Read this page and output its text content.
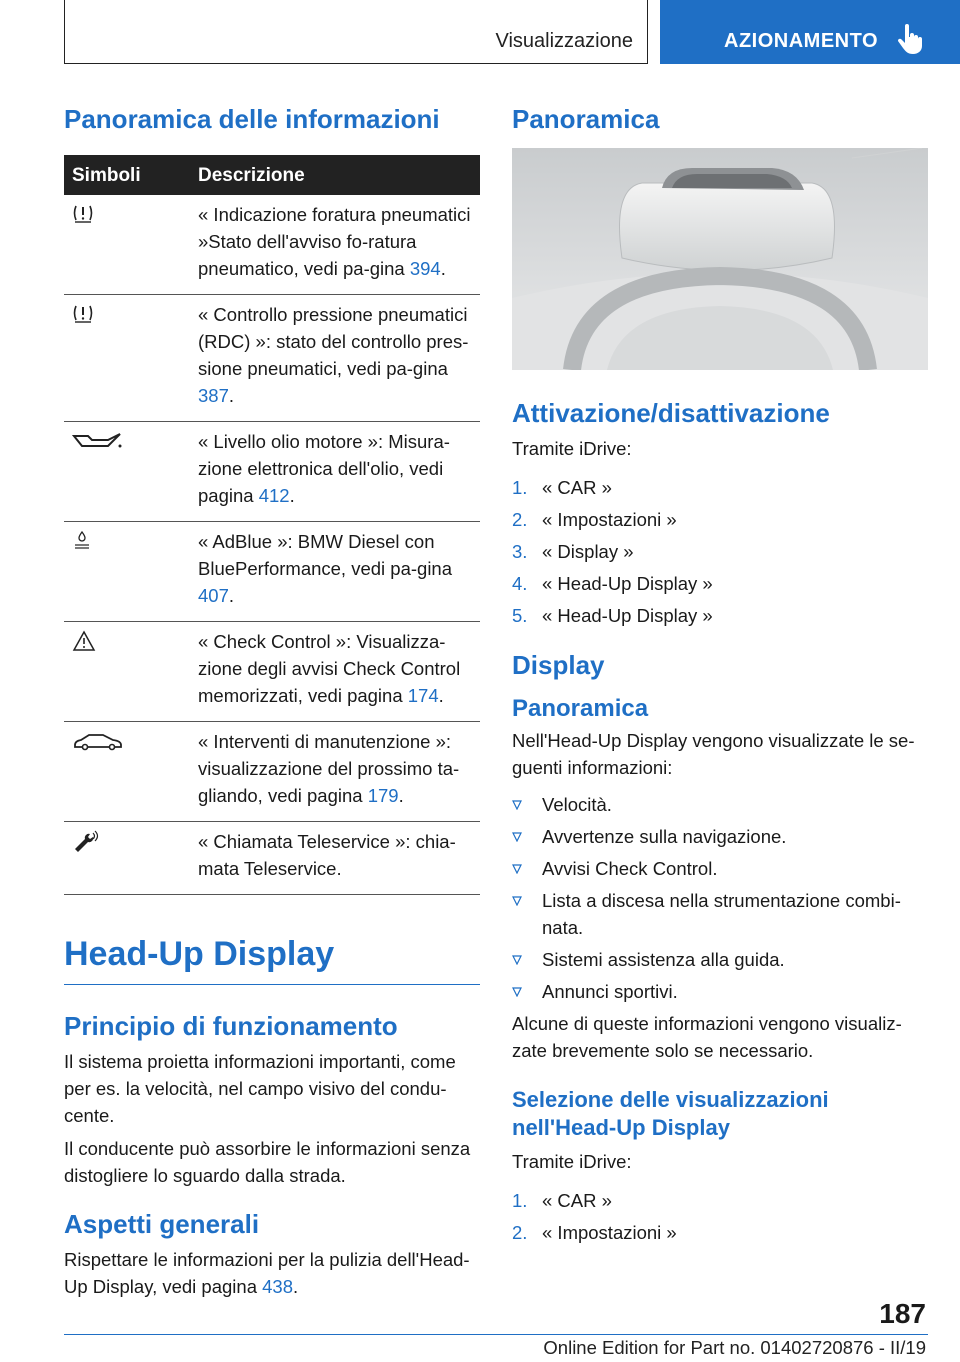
Visualizzazione	AZIONAMENTO
Panoramica delle informazioni
Simboli	Descrizione
	« Indicazione foratura pneumatici »Stato dell'avviso fo-ratura pneumatico, vedi pa-gina 394.
	« Controllo pressione pneumatici (RDC) »: stato del controllo pres-sione pneumatici, vedi pa-gina 387.
	« Livello olio motore »: Misura-zione elettronica dell'olio, vedi pagina 412.
	« AdBlue »: BMW Diesel con BluePerformance, vedi pa-gina 407.
	« Check Control »: Visualizza-zione degli avvisi Check Control memorizzati, vedi pagina 174.
	« Interventi di manutenzione »: visualizzazione del prossimo ta-gliando, vedi pagina 179.
	« Chiamata Teleservice »: chia-mata Teleservice.
Head-Up Display
Principio di funzionamento

Il sistema proietta informazioni importanti, come per es. la velocità, nel campo visivo del condu-cente.

Il conducente può assorbire le informazioni senza distogliere lo sguardo dalla strada.

Aspetti generali

Rispettare le informazioni per la pulizia dell'Head-Up Display, vedi pagina 438.

Panoramica
Attivazione/disattivazione

Tramite iDrive:

1. « CAR »
2. « Impostazioni »
3. « Display »
4. « Head-Up Display »
5. « Head-Up Display »
Display
Panoramica

Nell'Head-Up Display vengono visualizzate le se-guenti informazioni:

Velocità.
Avvertenze sulla navigazione.
Avvisi Check Control.
Lista a discesa nella strumentazione combi-nata.
Sistemi assistenza alla guida.
Annunci sportivi.

Alcune di queste informazioni vengono visualiz-zate brevemente solo se necessario.

Selezione delle visualizzazioni nell'Head-Up Display

Tramite iDrive:

1. « CAR »
2. « Impostazioni »
187
Online Edition for Part no. 01402720876 - II/19
